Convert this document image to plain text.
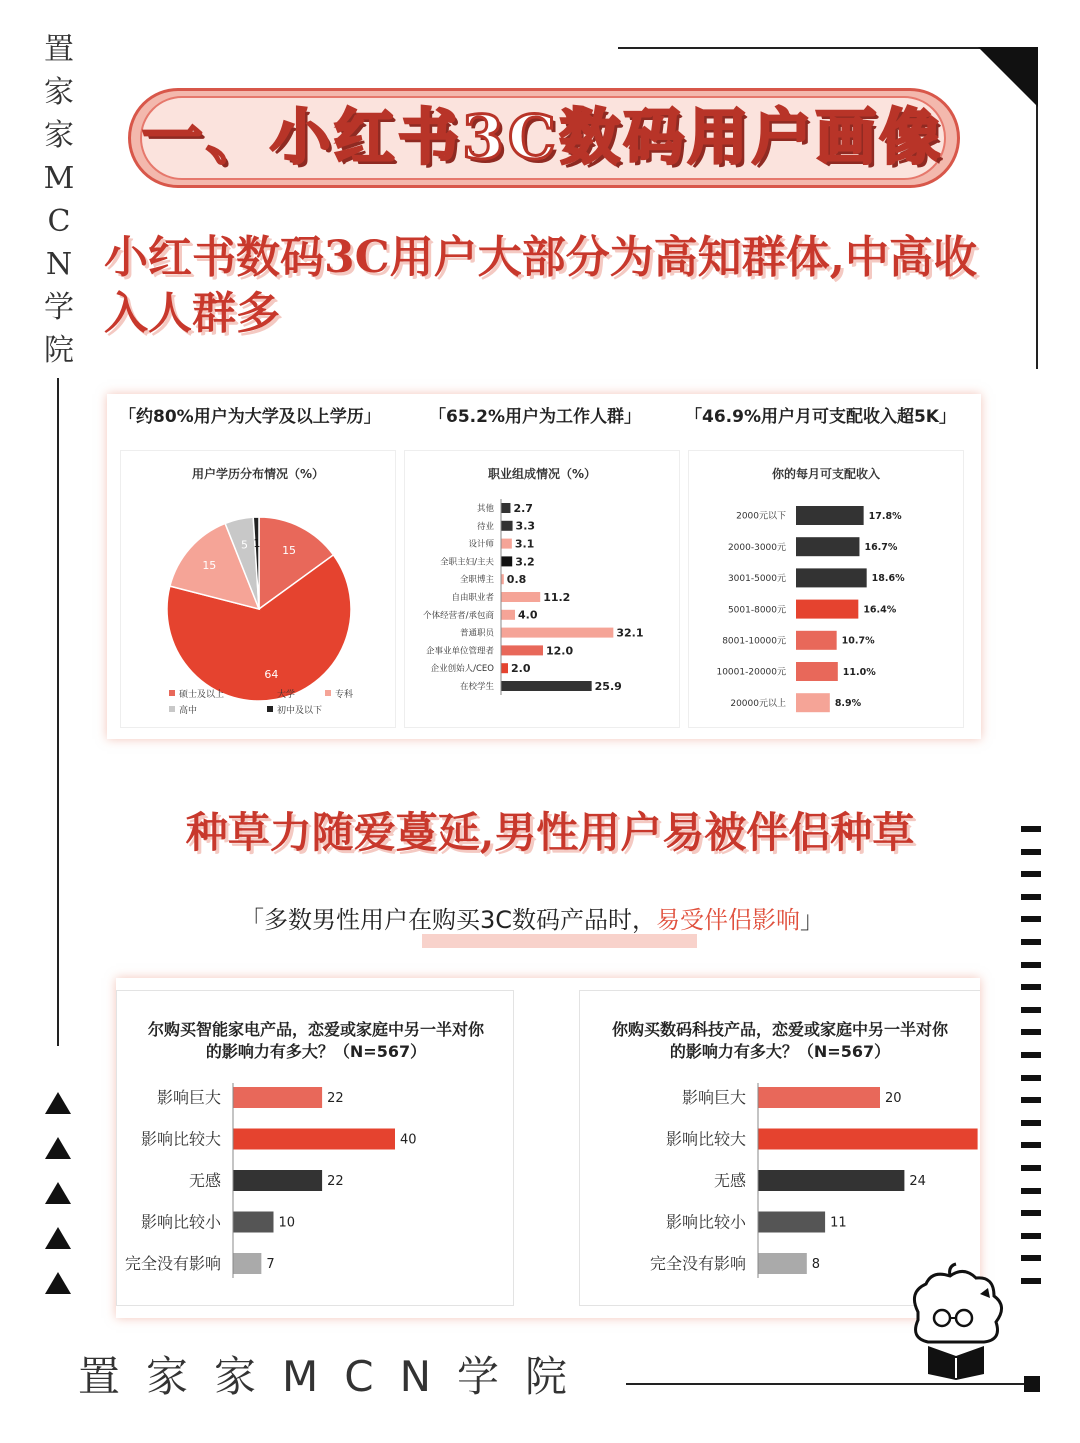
置
家
家
M
C
N
学
院
一、小红书3C数码用户画像
小红书数码3C用户大部分为高知群体,中高收入人群多
「约80%用户为大学及以上学历」	「65.2%用户为工作人群」	「46.9%用户月可支配收入超5K」
用户学历分布情况（%）
15
64
15
5 1
硕士及以上	大学	专科
高中	初中及以下
职业组成情况（%）
其他 2.7
待业 3.3
设计师 3.1
全职主妇/主夫 3.2
全职博主 0.8
自由职业者	11.2
个体经营者/承包商 4.0
普通职员	32.1
企事业单位管理者	12.0
企业创始人/CEO 2.0
在校学生	25.9
你的每月可支配收入
2000元以下	17.8%
2000-3000元	16.7%
3001-5000元	18.6%
5001-8000元	16.4%
8001-10000元	10.7%
10001-20000元	11.0%
20000元以上	8.9%
种草力随爱蔓延,男性用户易被伴侣种草
「多数男性用户在购买3C数码产品时，易受伴侣影响」
尔购买智能家电产品，恋爱或家庭中另一半对你
的影响力有多大？（N=567）
影响巨大	22
影响比较大	40
无感	22
影响比较小	10
完全没有影响	7
你购买数码科技产品，恋爱或家庭中另一半对你
的影响力有多大？（N=567）
影响巨大	20
影响比较大
无感	24
影响比较小	11
完全没有影响	8
置家家MCN学院
